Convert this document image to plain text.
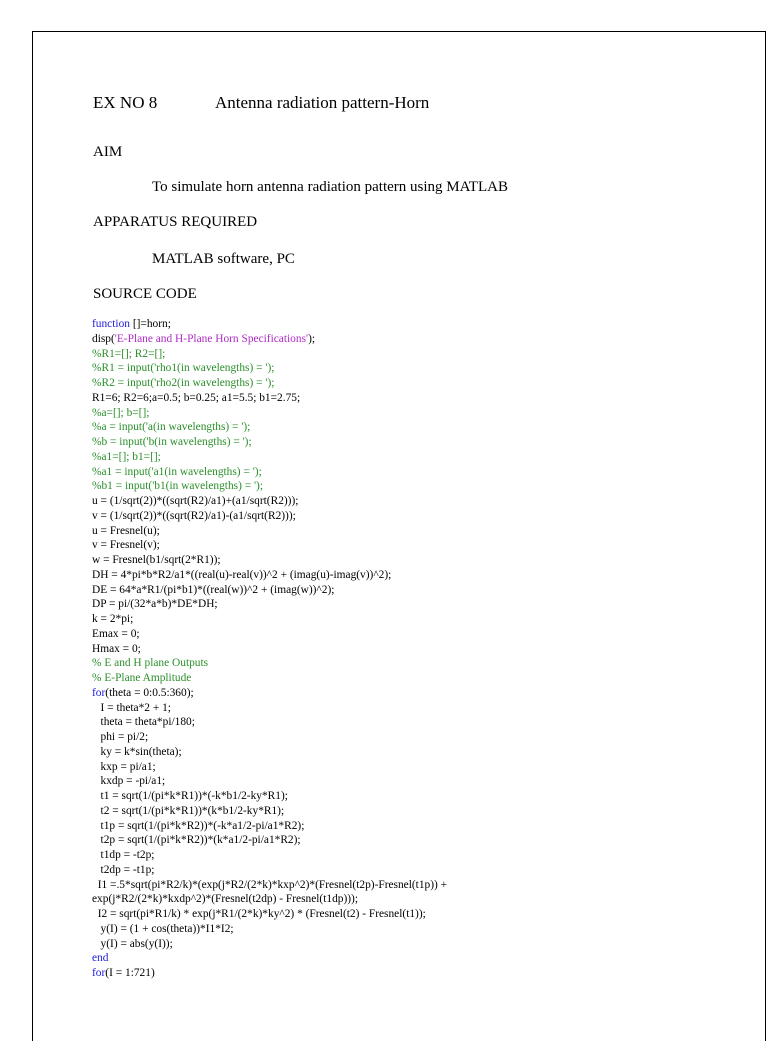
EX NO 8	Antenna radiation pattern-Horn
AIM
To simulate horn antenna radiation pattern using MATLAB
APPARATUS REQUIRED
MATLAB software, PC
SOURCE CODE
function []=horn;
disp('E-Plane and H-Plane Horn Specifications');
%R1=[]; R2=[];
%R1 = input('rho1(in wavelengths) = ');
%R2 = input('rho2(in wavelengths) = ');
R1=6; R2=6;a=0.5; b=0.25; a1=5.5; b1=2.75;
%a=[]; b=[];
%a = input('a(in wavelengths) = ');
%b = input('b(in wavelengths) = ');
%a1=[]; b1=[];
%a1 = input('a1(in wavelengths) = ');
%b1 = input('b1(in wavelengths) = ');
u = (1/sqrt(2))*((sqrt(R2)/a1)+(a1/sqrt(R2)));
v = (1/sqrt(2))*((sqrt(R2)/a1)-(a1/sqrt(R2)));
u = Fresnel(u);
v = Fresnel(v);
w = Fresnel(b1/sqrt(2*R1));
DH = 4*pi*b*R2/a1*((real(u)-real(v))^2 + (imag(u)-imag(v))^2);
DE = 64*a*R1/(pi*b1)*((real(w))^2 + (imag(w))^2);
DP = pi/(32*a*b)*DE*DH;
k = 2*pi;
Emax = 0;
Hmax = 0;
% E and H plane Outputs
% E-Plane Amplitude
for(theta = 0:0.5:360);
I = theta*2 + 1;
theta = theta*pi/180;
phi = pi/2;
ky = k*sin(theta);
kxp = pi/a1;
kxdp = -pi/a1;
t1 = sqrt(1/(pi*k*R1))*(-k*b1/2-ky*R1);
t2 = sqrt(1/(pi*k*R1))*(k*b1/2-ky*R1);
t1p = sqrt(1/(pi*k*R2))*(-k*a1/2-pi/a1*R2);
t2p = sqrt(1/(pi*k*R2))*(k*a1/2-pi/a1*R2);
t1dp = -t2p;
t2dp = -t1p;
I1 =.5*sqrt(pi*R2/k)*(exp(j*R2/(2*k)*kxp^2)*(Fresnel(t2p)-Fresnel(t1p)) +
exp(j*R2/(2*k)*kxdp^2)*(Fresnel(t2dp) - Fresnel(t1dp)));
I2 = sqrt(pi*R1/k) * exp(j*R1/(2*k)*ky^2) * (Fresnel(t2) - Fresnel(t1));
y(I) = (1 + cos(theta))*I1*I2;
y(I) = abs(y(I));
end
for(I = 1:721)
